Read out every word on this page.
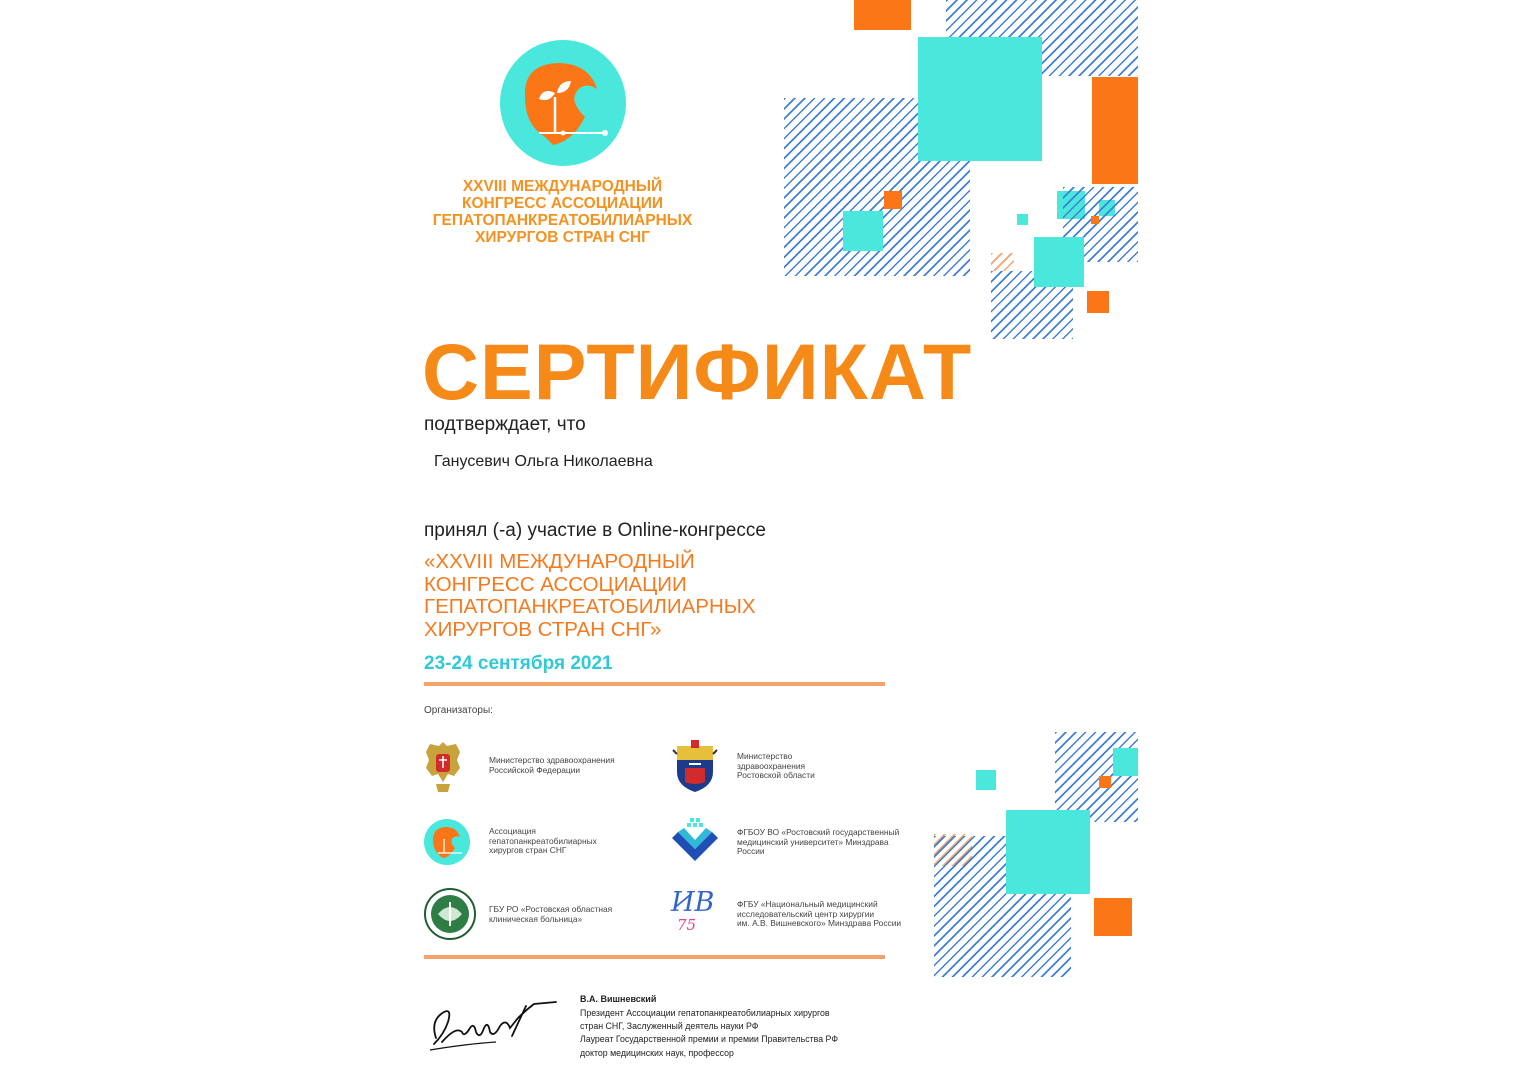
XXVIII МЕЖДУНАРОДНЫЙ
КОНГРЕСС АССОЦИАЦИИ
ГЕПАТОПАНКРЕАТОБИЛИАРНЫХ
ХИРУРГОВ СТРАН СНГ
СЕРТИФИКАТ
подтверждает, что
Ганусевич Ольга Николаевна
принял (-а) участие в Online-конгрессе
«XXVIII МЕЖДУНАРОДНЫЙ
КОНГРЕСС АССОЦИАЦИИ
ГЕПАТОПАНКРЕАТОБИЛИАРНЫХ
ХИРУРГОВ СТРАН СНГ»
23-24 сентября 2021
Организаторы:
Министерство здравоохранения
Российской Федерации
Министерство
здравоохранения
Ростовской области
Ассоциация
гепатопанкреатобилиарных
хирургов стран СНГ
ФГБОУ ВО «Ростовский государственный
медицинский университет» Минздрава
России
ГБУ РО «Ростовская областная
клиническая больница»
ИВ
75
ФГБУ «Национальный медицинский
исследовательский центр хирургии
им. А.В. Вишневского» Минздрава России
В.А. Вишневский
Президент Ассоциации гепатопанкреатобилиарных хирургов
стран СНГ, Заслуженный деятель науки РФ
Лауреат Государственной премии и премии Правительства РФ
доктор медицинских наук, профессор
